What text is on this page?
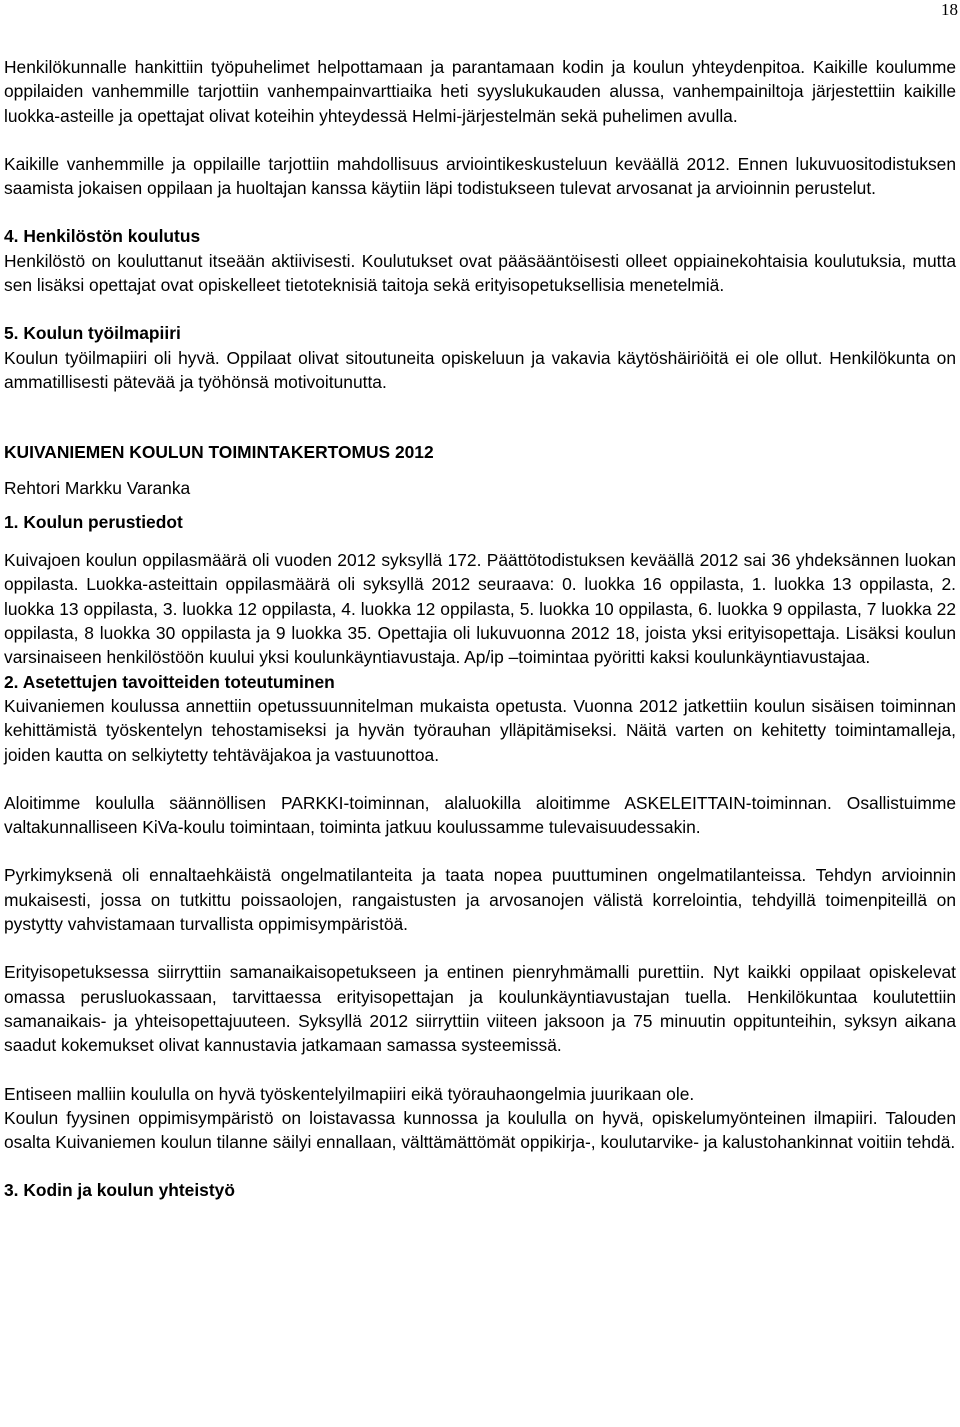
18

Henkilökunnalle hankittiin työpuhelimet helpottamaan ja parantamaan kodin ja koulun yhteydenpitoa. Kaikille koulumme oppilaiden vanhemmille tarjottiin vanhempainvarttiaika heti syyslukukauden alussa, vanhempainiltoja järjestettiin kaikille luokka-asteille ja opettajat olivat koteihin yhteydessä Helmi-järjestelmän sekä puhelimen avulla.

Kaikille vanhemmille ja oppilaille tarjottiin mahdollisuus arviointikeskusteluun keväällä 2012. Ennen lukuvuositodistuksen saamista jokaisen oppilaan ja huoltajan kanssa käytiin läpi todistukseen tulevat arvosanat ja arvioinnin perustelut.

4. Henkilöstön koulutus

Henkilöstö on kouluttanut itseään aktiivisesti. Koulutukset ovat pääsääntöisesti olleet oppiainekohtaisia koulutuksia, mutta sen lisäksi opettajat ovat opiskelleet tietoteknisiä taitoja sekä erityisopetuksellisia menetelmiä.

5. Koulun työilmapiiri

Koulun työilmapiiri oli hyvä. Oppilaat olivat sitoutuneita opiskeluun ja vakavia käytöshäiriöitä ei ole ollut. Henkilökunta on ammatillisesti pätevää ja työhönsä motivoitunutta.

KUIVANIEMEN KOULUN TOIMINTAKERTOMUS 2012

Rehtori Markku Varanka

1. Koulun perustiedot

Kuivajoen koulun oppilasmäärä oli vuoden 2012 syksyllä 172. Päättötodistuksen keväällä 2012 sai 36 yhdeksännen luokan oppilasta. Luokka-asteittain oppilasmäärä oli syksyllä 2012 seuraava: 0. luokka 16 oppilasta, 1. luokka 13 oppilasta, 2. luokka 13 oppilasta, 3. luokka 12 oppilasta, 4. luokka 12 oppilasta, 5. luokka 10 oppilasta, 6. luokka 9 oppilasta, 7 luokka 22 oppilasta, 8 luokka 30 oppilasta ja 9 luokka 35. Opettajia oli lukuvuonna 2012 18, joista yksi erityisopettaja. Lisäksi koulun varsinaiseen henkilöstöön kuului yksi koulunkäyntiavustaja. Ap/ip –toimintaa pyöritti kaksi koulunkäyntiavustajaa.

2. Asetettujen tavoitteiden toteutuminen

Kuivaniemen koulussa annettiin opetussuunnitelman mukaista opetusta. Vuonna 2012 jatkettiin koulun sisäisen toiminnan kehittämistä työskentelyn tehostamiseksi ja hyvän työrauhan ylläpitämiseksi. Näitä varten on kehitetty toimintamalleja, joiden kautta on selkiytetty tehtäväjakoa ja vastuunottoa.

Aloitimme koululla säännöllisen PARKKI-toiminnan, alaluokilla aloitimme ASKELEITTAIN-toiminnan. Osallistuimme valtakunnalliseen KiVa-koulu toimintaan, toiminta jatkuu koulussamme tulevaisuudessakin.

Pyrkimyksenä oli ennaltaehkäistä ongelmatilanteita ja taata nopea puuttuminen ongelmatilanteissa. Tehdyn arvioinnin mukaisesti, jossa on tutkittu poissaolojen, rangaistusten ja arvosanojen välistä korrelointia, tehdyillä toimenpiteillä on pystytty vahvistamaan turvallista oppimisympäristöä.

Erityisopetuksessa siirryttiin samanaikaisopetukseen ja entinen pienryhmämalli purettiin. Nyt kaikki oppilaat opiskelevat omassa perusluokassaan, tarvittaessa erityisopettajan ja koulunkäyntiavustajan tuella. Henkilökuntaa koulutettiin samanaikais- ja yhteisopettajuuteen. Syksyllä 2012 siirryttiin viiteen jaksoon ja 75 minuutin oppitunteihin, syksyn aikana saadut kokemukset olivat kannustavia jatkamaan samassa systeemissä.

Entiseen malliin koululla on hyvä työskentelyilmapiiri eikä työrauhaongelmia juurikaan ole.

Koulun fyysinen oppimisympäristö on loistavassa kunnossa ja koululla on hyvä, opiskelumyönteinen ilmapiiri. Talouden osalta Kuivaniemen koulun tilanne säilyi ennallaan, välttämättömät oppikirja-, koulutarvike- ja kalustohankinnat voitiin tehdä.

3. Kodin ja koulun yhteistyö
